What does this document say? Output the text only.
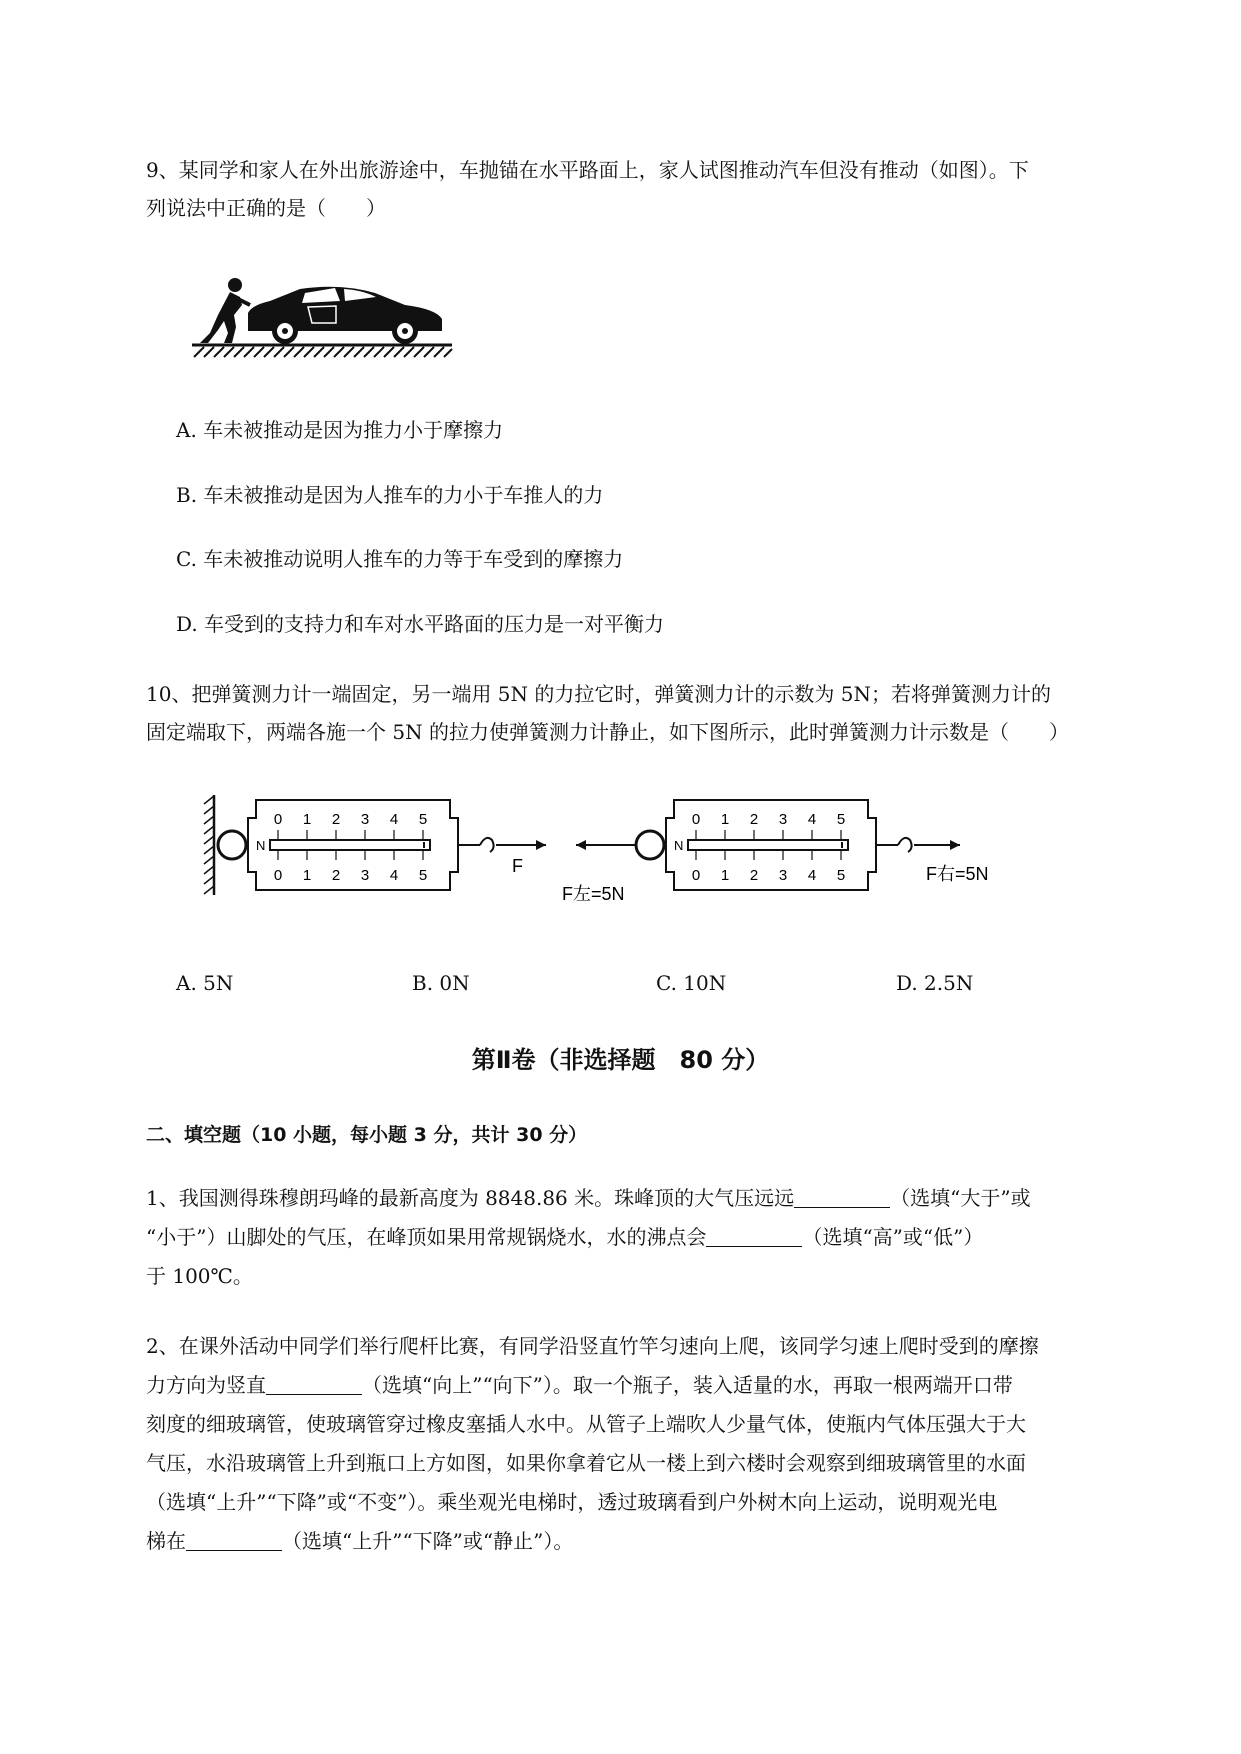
9、某同学和家人在外出旅游途中，车抛锚在水平路面上，家人试图推动汽车但没有推动（如图）。下

列说法中正确的是（　　）

A. 车未被推动是因为推力小于摩擦力
B. 车未被推动是因为人推车的力小于车推人的力
C. 车未被推动说明人推车的力等于车受到的摩擦力
D. 车受到的支持力和车对水平路面的压力是一对平衡力

10、把弹簧测力计一端固定，另一端用 5N 的力拉它时，弹簧测力计的示数为 5N；若将弹簧测力计的

固定端取下，两端各施一个 5N 的拉力使弹簧测力计静止，如下图所示，此时弹簧测力计示数是（　　）

N
0 1 2 3 4 5
0 1 2 3 4 5	F
F左=5N
N
0 1 2 3 4 5
0 1 2 3 4 5	F右=5N
A. 5N	B. 0N	C. 10N	D. 2.5N
第Ⅱ卷（非选择题　80 分）
二、填空题（10 小题，每小题 3 分，共计 30 分）

1、我国测得珠穆朗玛峰的最新高度为 8848.86 米。珠峰顶的大气压远远	（选填“大于”或

“小于”）山脚处的气压，在峰顶如果用常规锅烧水，水的沸点会	（选填“高”或“低”）

于 100℃。

2、在课外活动中同学们举行爬杆比赛，有同学沿竖直竹竿匀速向上爬，该同学匀速上爬时受到的摩擦

力方向为竖直	（选填“向上”“向下”）。取一个瓶子，装入适量的水，再取一根两端开口带

刻度的细玻璃管，使玻璃管穿过橡皮塞插人水中。从管子上端吹人少量气体，使瓶内气体压强大于大

气压，水沿玻璃管上升到瓶口上方如图，如果你拿着它从一楼上到六楼时会观察到细玻璃管里的水面

（选填“上升”“下降”或“不变”）。乘坐观光电梯时，透过玻璃看到户外树木向上运动，说明观光电

梯在	（选填“上升”“下降”或“静止”）。
